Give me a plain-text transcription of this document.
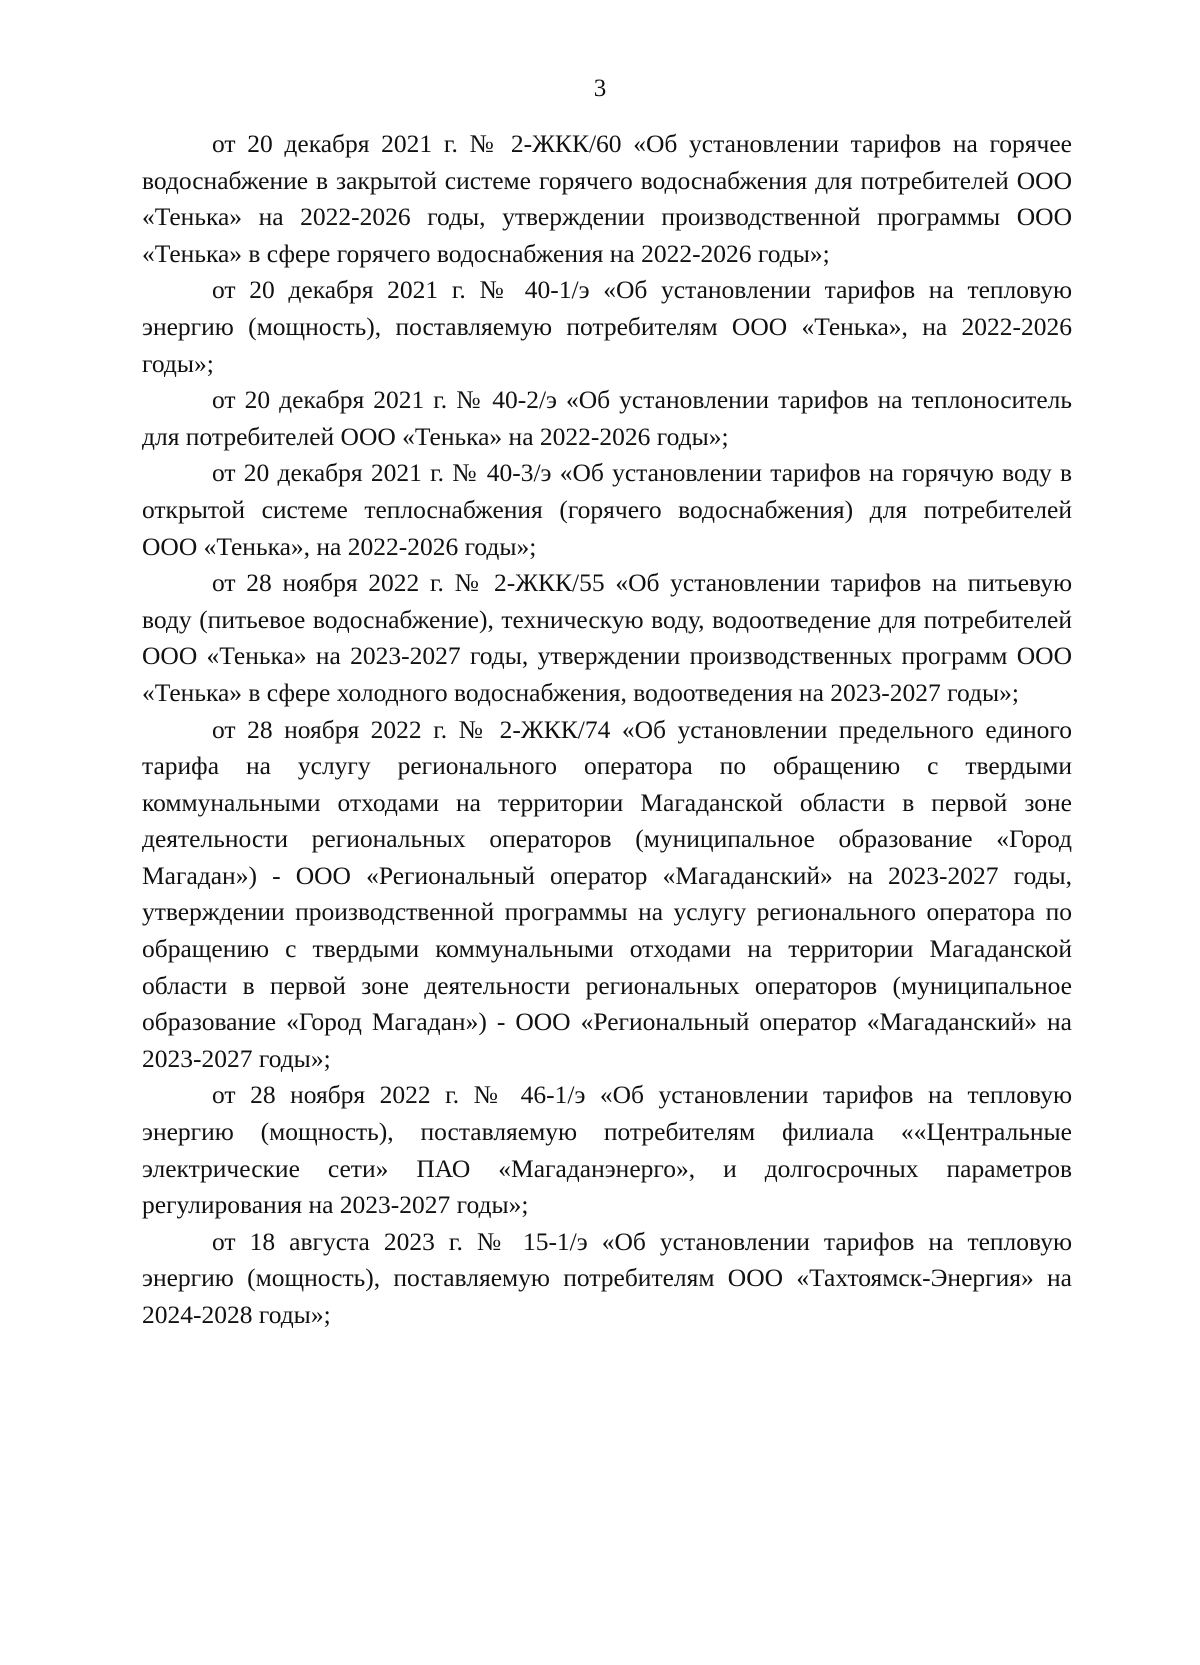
3

от 20 декабря 2021 г. № 2-ЖКК/60 «Об установлении тарифов на горячее водоснабжение в закрытой системе горячего водоснабжения для потребителей ООО «Тенька» на 2022-2026 годы, утверждении производственной программы ООО «Тенька» в сфере горячего водоснабжения на 2022-2026 годы»;

от 20 декабря 2021 г. № 40-1/э «Об установлении тарифов на тепловую энергию (мощность), поставляемую потребителям ООО «Тенька», на 2022-2026 годы»;

от 20 декабря 2021 г. № 40-2/э «Об установлении тарифов на теплоноситель для потребителей ООО «Тенька» на 2022-2026 годы»;

от 20 декабря 2021 г. № 40-3/э «Об установлении тарифов на горячую воду в открытой системе теплоснабжения (горячего водоснабжения) для потребителей ООО «Тенька», на 2022-2026 годы»;

от 28 ноября 2022 г. № 2-ЖКК/55 «Об установлении тарифов на питьевую воду (питьевое водоснабжение), техническую воду, водоотведение для потребителей ООО «Тенька» на 2023-2027 годы, утверждении производственных программ ООО «Тенька» в сфере холодного водоснабжения, водоотведения на 2023-2027 годы»;

от 28 ноября 2022 г. № 2-ЖКК/74 «Об установлении предельного единого тарифа на услугу регионального оператора по обращению с твердыми коммунальными отходами на территории Магаданской области в первой зоне деятельности региональных операторов (муниципальное образование «Город Магадан») - ООО «Региональный оператор «Магаданский» на 2023-2027 годы, утверждении производственной программы на услугу регионального оператора по обращению с твердыми коммунальными отходами на территории Магаданской области в первой зоне деятельности региональных операторов (муниципальное образование «Город Магадан») - ООО «Региональный оператор «Магаданский» на 2023-2027 годы»;

от 28 ноября 2022 г. № 46-1/э «Об установлении тарифов на тепловую энергию (мощность), поставляемую потребителям филиала ««Центральные электрические сети» ПАО «Магаданэнерго», и долгосрочных параметров регулирования на 2023-2027 годы»;

от 18 августа 2023 г. № 15-1/э «Об установлении тарифов на тепловую энергию (мощность), поставляемую потребителям ООО «Тахтоямск-Энергия» на 2024-2028 годы»;
